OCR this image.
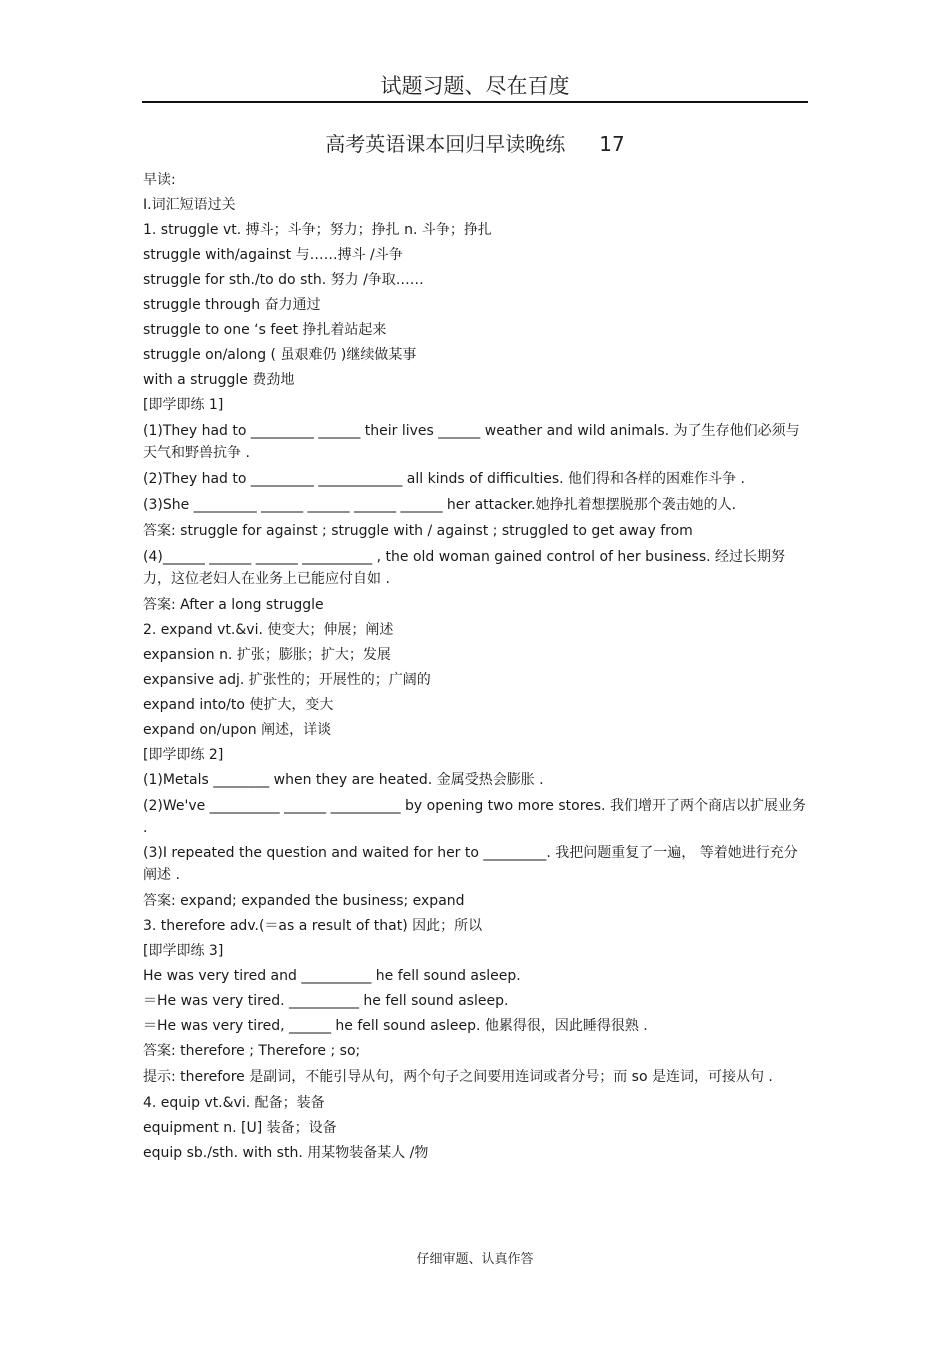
试题习题、尽在百度
高考英语课本回归早读晚练 17
早读:
Ⅰ.词汇短语过关
1. struggle vt. 搏斗；斗争；努力；挣扎 n. 斗争；挣扎
struggle with/against 与……搏斗 /斗争
struggle for sth./to do sth. 努力 /争取……
struggle through 奋力通过
struggle to one ‘s feet 挣扎着站起来
struggle on/along ( 虽艰难仍 )继续做某事
with a struggle 费劲地
[即学即练 1]
(1)They had to _________ ______ their lives ______ weather and wild animals. 为了生存他们必须与天气和野兽抗争 .
(2)They had to _________ ____________ all kinds of difficulties. 他们得和各样的困难作斗争 .
(3)She _________ ______ ______ ______ ______ her attacker.她挣扎着想摆脱那个袭击她的人.
答案: struggle for against ; struggle with / against ; struggled to get away from
(4)______ ______ ______ __________ , the old woman gained control of her business. 经过长期努力，这位老妇人在业务上已能应付自如 .
答案: After a long struggle
2. expand vt.&vi. 使变大；伸展；阐述
expansion n. 扩张；膨胀；扩大；发展
expansive adj. 扩张性的；开展性的；广阔的
expand into/to 使扩大，变大
expand on/upon 阐述，详谈
[即学即练 2]
(1)Metals ________ when they are heated. 金属受热会膨胀 .
(2)We've __________ ______ __________ by opening two more stores. 我们增开了两个商店以扩展业务 .
(3)I repeated the question and waited for her to _________. 我把问题重复了一遍， 等着她进行充分阐述 .
答案: expand; expanded the business; expand
3. therefore adv.(＝as a result of that) 因此；所以
[即学即练 3]
He was very tired and __________ he fell sound asleep.
＝He was very tired. __________ he fell sound asleep.
＝He was very tired, ______ he fell sound asleep. 他累得很，因此睡得很熟 .
答案: therefore ; Therefore ; so;
提示: therefore 是副词，不能引导从句，两个句子之间要用连词或者分号；而 so 是连词，可接从句 .
4. equip vt.&vi. 配备；装备
equipment n. [U] 装备；设备
equip sb./sth. with sth. 用某物装备某人 /物
仔细审题、认真作答
